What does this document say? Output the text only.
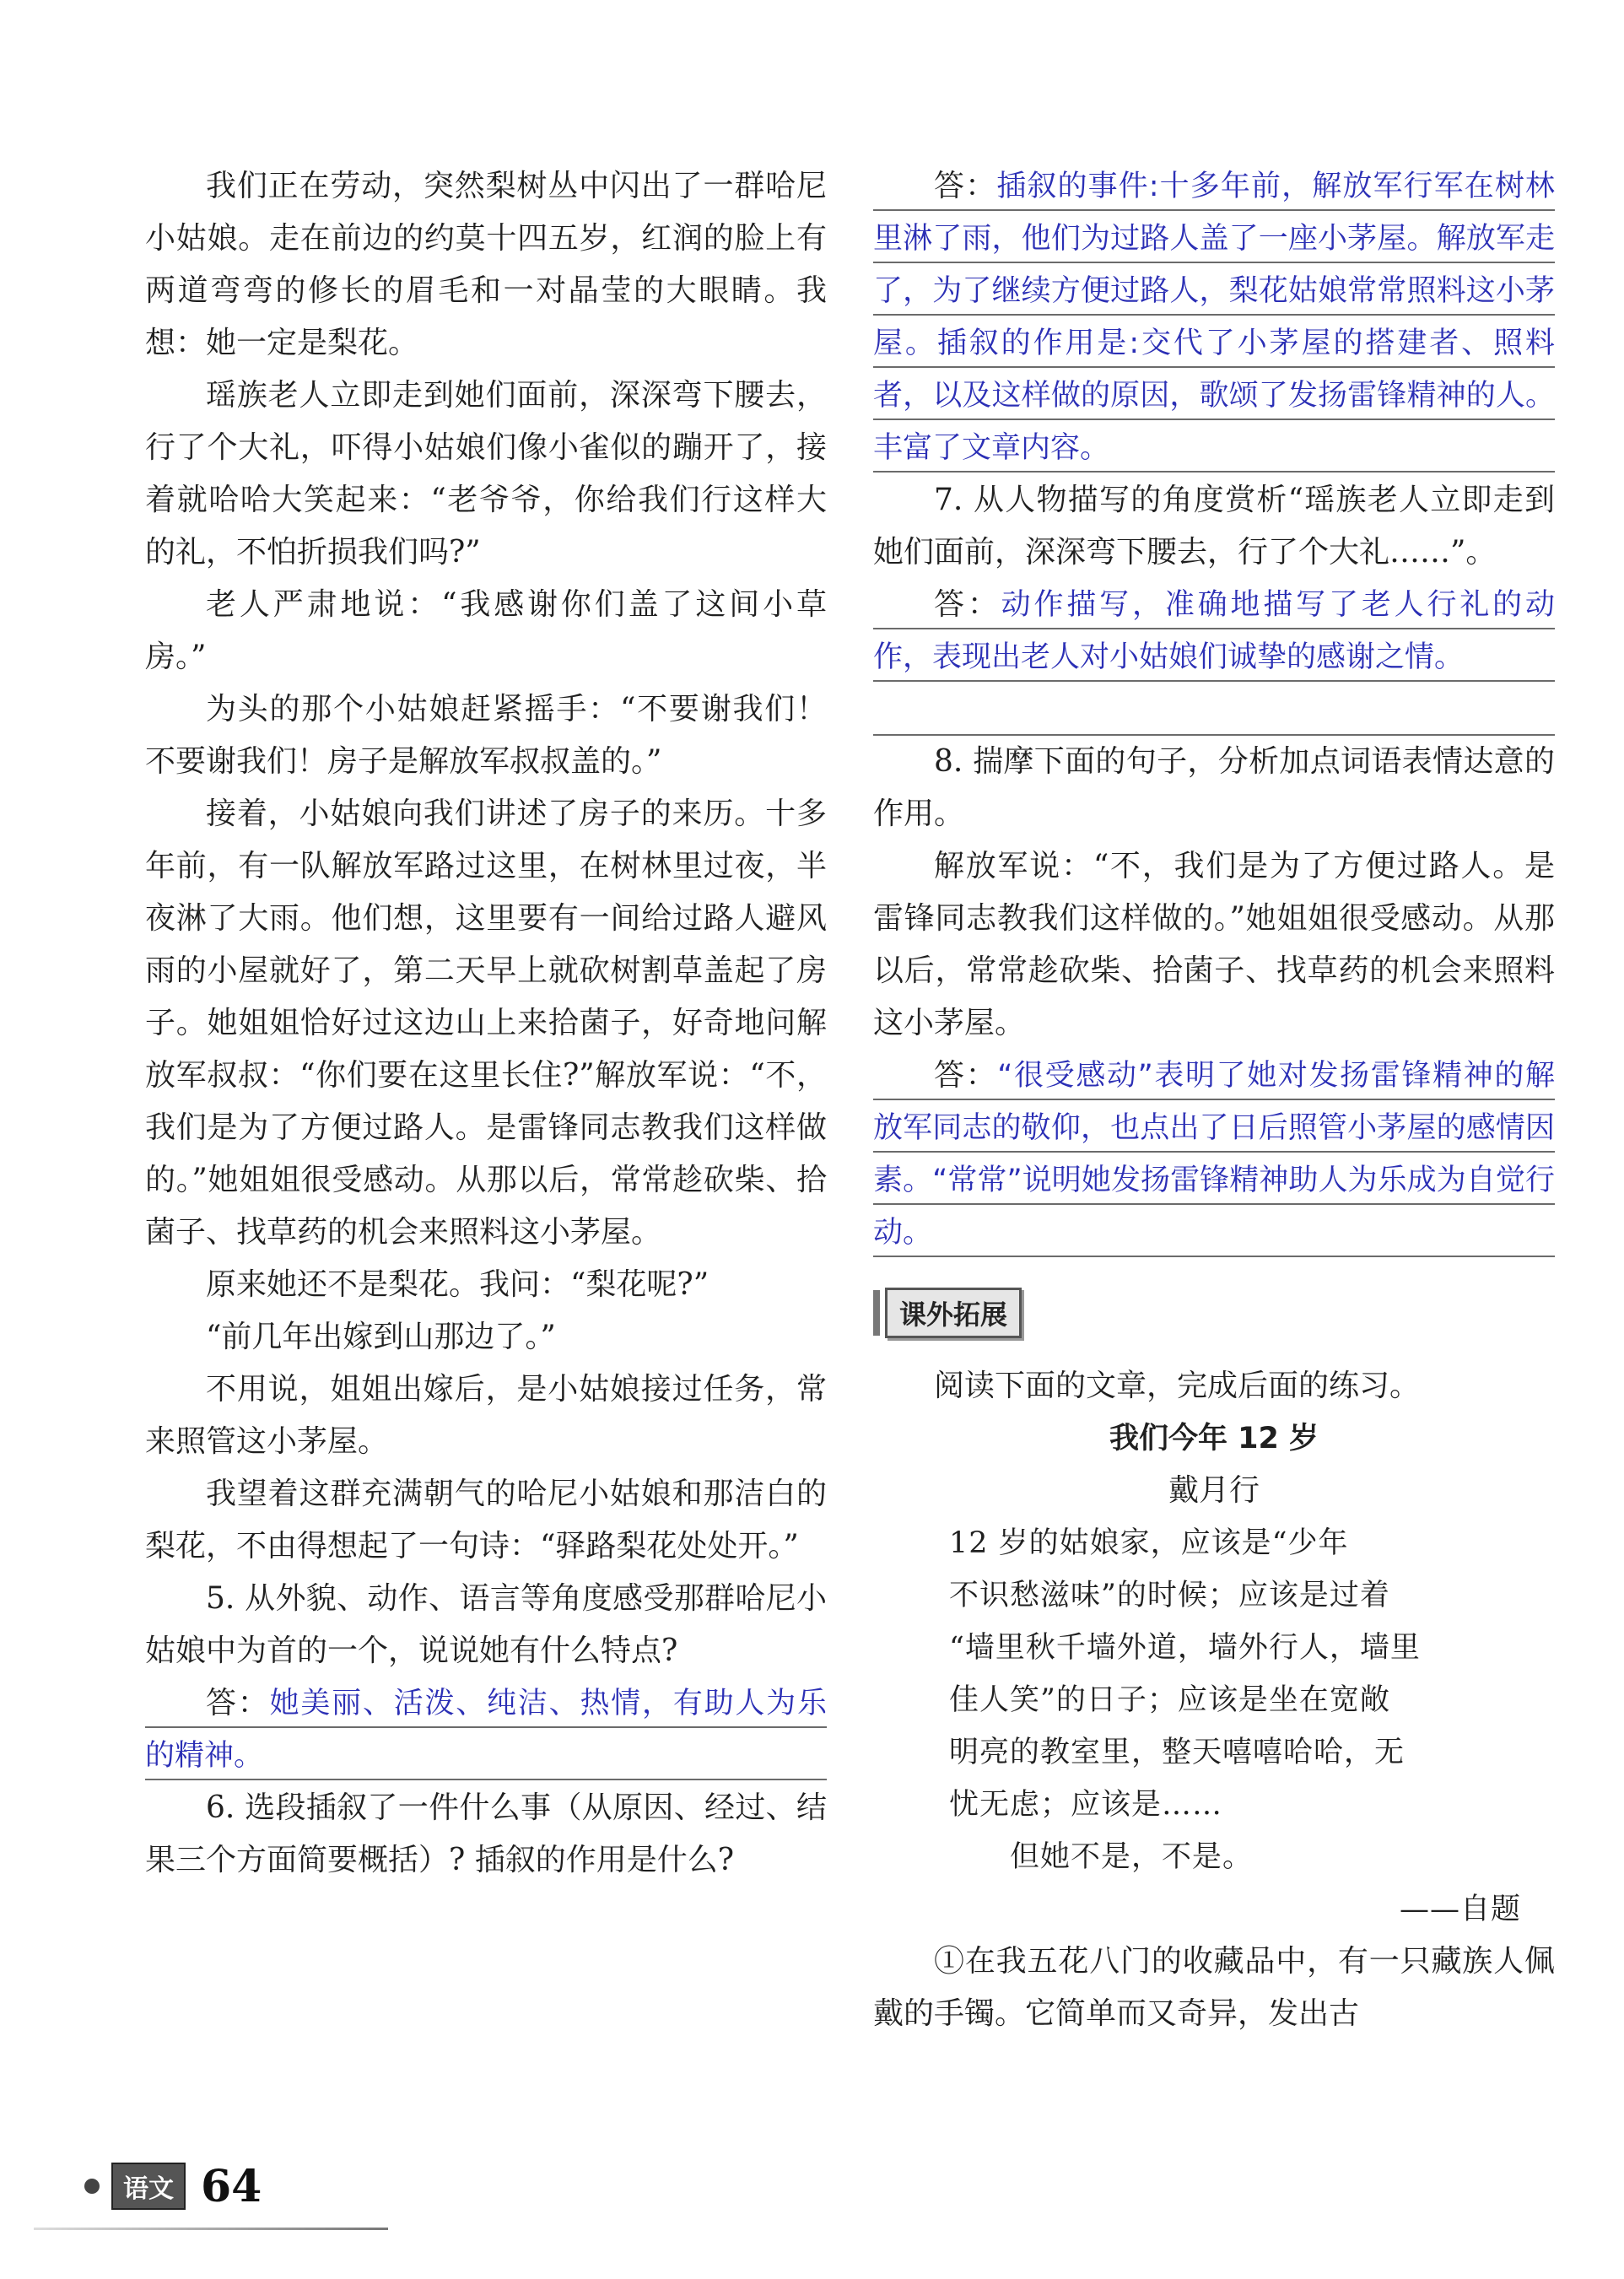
我们正在劳动，突然梨树丛中闪出了一群哈尼小姑娘。走在前边的约莫十四五岁，红润的脸上有两道弯弯的修长的眉毛和一对晶莹的大眼睛。我想：她一定是梨花。

瑶族老人立即走到她们面前，深深弯下腰去，行了个大礼，吓得小姑娘们像小雀似的蹦开了，接着就哈哈大笑起来：“老爷爷，你给我们行这样大的礼，不怕折损我们吗?”

老人严肃地说：“我感谢你们盖了这间小草房。”

为头的那个小姑娘赶紧摇手：“不要谢我们！不要谢我们！房子是解放军叔叔盖的。”

接着，小姑娘向我们讲述了房子的来历。十多年前，有一队解放军路过这里，在树林里过夜，半夜淋了大雨。他们想，这里要有一间给过路人避风雨的小屋就好了，第二天早上就砍树割草盖起了房子。她姐姐恰好过这边山上来拾菌子，好奇地问解放军叔叔：“你们要在这里长住?”解放军说：“不，我们是为了方便过路人。是雷锋同志教我们这样做的。”她姐姐很受感动。从那以后，常常趁砍柴、拾菌子、找草药的机会来照料这小茅屋。

原来她还不是梨花。我问：“梨花呢?”

“前几年出嫁到山那边了。”

不用说，姐姐出嫁后，是小姑娘接过任务，常来照管这小茅屋。

我望着这群充满朝气的哈尼小姑娘和那洁白的梨花，不由得想起了一句诗：“驿路梨花处处开。”

5. 从外貌、动作、语言等角度感受那群哈尼小姑娘中为首的一个，说说她有什么特点?

答：她美丽、活泼、纯洁、热情，有助人为乐的精神。

6. 选段插叙了一件什么事（从原因、经过、结果三个方面简要概括）? 插叙的作用是什么?

答：插叙的事件:十多年前，解放军行军在树林里淋了雨，他们为过路人盖了一座小茅屋。解放军走了，为了继续方便过路人，梨花姑娘常常照料这小茅屋。插叙的作用是:交代了小茅屋的搭建者、照料者，以及这样做的原因，歌颂了发扬雷锋精神的人。丰富了文章内容。

7. 从人物描写的角度赏析“瑶族老人立即走到她们面前，深深弯下腰去，行了个大礼……”。

答：动作描写，准确地描写了老人行礼的动作，表现出老人对小姑娘们诚挚的感谢之情。

8. 揣摩下面的句子，分析加点词语表情达意的作用。

解放军说：“不，我们是为了方便过路人。是雷锋同志教我们这样做的。”她姐姐很受感动。从那以后，常常趁砍柴、拾菌子、找草药的机会来照料这小茅屋。

答：“很受感动”表明了她对发扬雷锋精神的解放军同志的敬仰，也点出了日后照管小茅屋的感情因素。“常常”说明她发扬雷锋精神助人为乐成为自觉行动。

课外拓展

阅读下面的文章，完成后面的练习。

我们今年 12 岁

戴月行

12 岁的姑娘家，应该是“少年

不识愁滋味”的时候；应该是过着

“墙里秋千墙外道，墙外行人，墙里

佳人笑”的日子；应该是坐在宽敞

明亮的教室里，整天嘻嘻哈哈，无

忧无虑；应该是……

但她不是，不是。

——自题

①在我五花八门的收藏品中，有一只藏族人佩戴的手镯。它简单而又奇异，发出古

语文 64
